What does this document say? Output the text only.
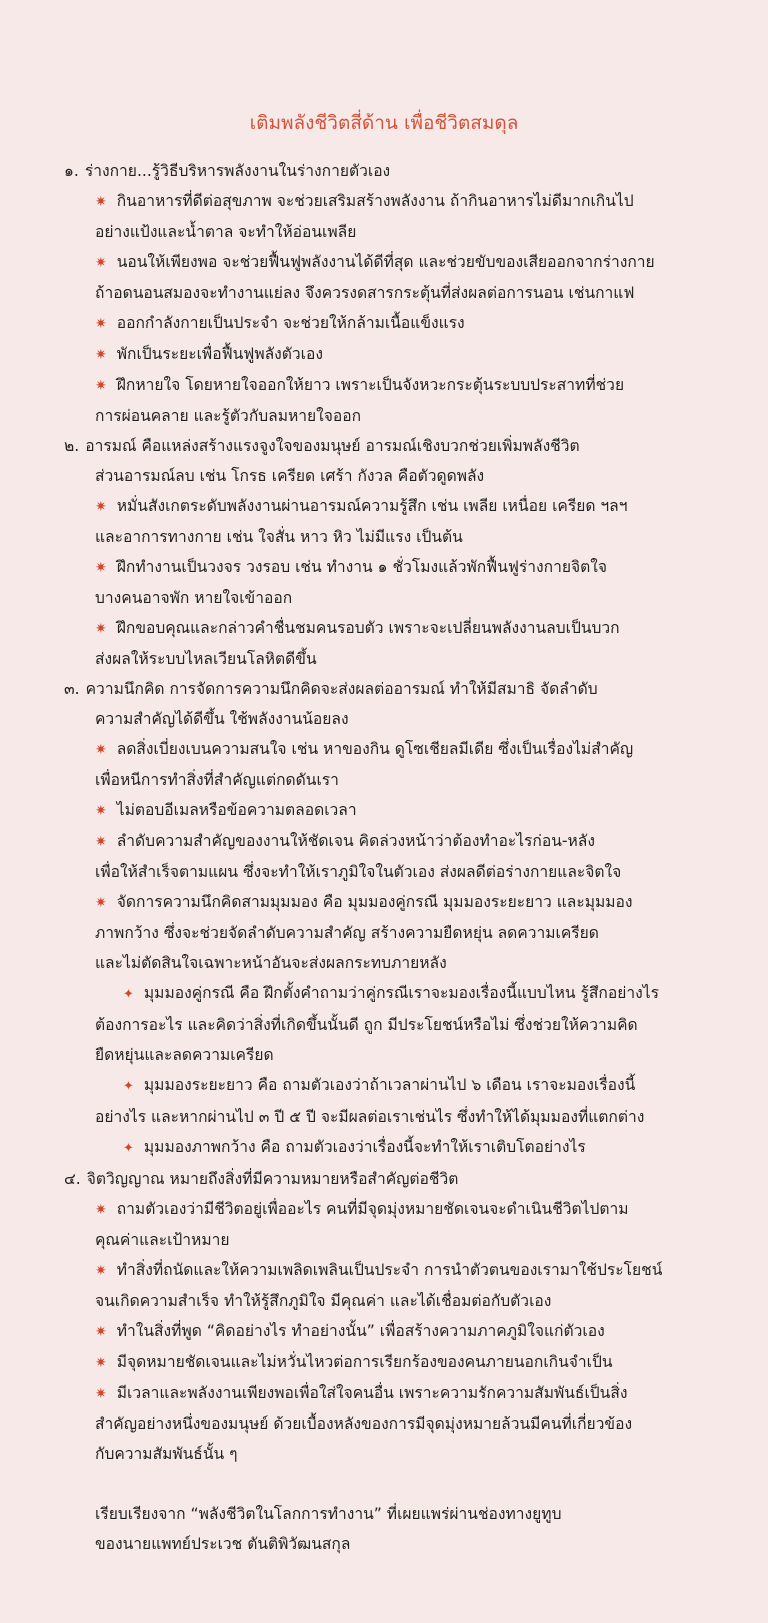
เติมพลังชีวิตสี่ด้าน เพื่อชีวิตสมดุล
๑. ร่างกาย...รู้วิธีบริหารพลังงานในร่างกายตัวเอง
✷ กินอาหารที่ดีต่อสุขภาพ จะช่วยเสริมสร้างพลังงาน ถ้ากินอาหารไม่ดีมากเกินไป
อย่างแป้งและน้ำตาล จะทำให้อ่อนเพลีย
✷ นอนให้เพียงพอ จะช่วยฟื้นฟูพลังงานได้ดีที่สุด และช่วยขับของเสียออกจากร่างกาย
ถ้าอดนอนสมองจะทำงานแย่ลง จึงควรงดสารกระตุ้นที่ส่งผลต่อการนอน เช่นกาแฟ
✷ ออกกำลังกายเป็นประจำ จะช่วยให้กล้ามเนื้อแข็งแรง
✷ พักเป็นระยะเพื่อฟื้นฟูพลังตัวเอง
✷ ฝึกหายใจ โดยหายใจออกให้ยาว เพราะเป็นจังหวะกระตุ้นระบบประสาทที่ช่วย
การผ่อนคลาย และรู้ตัวกับลมหายใจออก
๒. อารมณ์ คือแหล่งสร้างแรงจูงใจของมนุษย์ อารมณ์เชิงบวกช่วยเพิ่มพลังชีวิต
ส่วนอารมณ์ลบ เช่น โกรธ เครียด เศร้า กังวล คือตัวดูดพลัง
✷ หมั่นสังเกตระดับพลังงานผ่านอารมณ์ความรู้สึก เช่น เพลีย เหนื่อย เครียด ฯลฯ
และอาการทางกาย เช่น ใจสั่น หาว หิว ไม่มีแรง เป็นต้น
✷ ฝึกทำงานเป็นวงจร วงรอบ เช่น ทำงาน ๑ ชั่วโมงแล้วพักฟื้นฟูร่างกายจิตใจ
บางคนอาจพัก หายใจเข้าออก
✷ ฝึกขอบคุณและกล่าวคำชื่นชมคนรอบตัว เพราะจะเปลี่ยนพลังงานลบเป็นบวก
ส่งผลให้ระบบไหลเวียนโลหิตดีขึ้น
๓. ความนึกคิด การจัดการความนึกคิดจะส่งผลต่ออารมณ์ ทำให้มีสมาธิ จัดลำดับ
ความสำคัญได้ดีขึ้น ใช้พลังงานน้อยลง
✷ ลดสิ่งเบี่ยงเบนความสนใจ เช่น หาของกิน ดูโซเชียลมีเดีย ซึ่งเป็นเรื่องไม่สำคัญ
เพื่อหนีการทำสิ่งที่สำคัญแต่กดดันเรา
✷ ไม่ตอบอีเมลหรือข้อความตลอดเวลา
✷ ลำดับความสำคัญของงานให้ชัดเจน คิดล่วงหน้าว่าต้องทำอะไรก่อน-หลัง
เพื่อให้สำเร็จตามแผน ซึ่งจะทำให้เราภูมิใจในตัวเอง ส่งผลดีต่อร่างกายและจิตใจ
✷ จัดการความนึกคิดสามมุมมอง คือ มุมมองคู่กรณี มุมมองระยะยาว และมุมมอง
ภาพกว้าง ซึ่งจะช่วยจัดลำดับความสำคัญ สร้างความยืดหยุ่น ลดความเครียด
และไม่ตัดสินใจเฉพาะหน้าอันจะส่งผลกระทบภายหลัง
✦ มุมมองคู่กรณี คือ ฝึกตั้งคำถามว่าคู่กรณีเราจะมองเรื่องนี้แบบไหน รู้สึกอย่างไร
ต้องการอะไร และคิดว่าสิ่งที่เกิดขึ้นนั้นดี ถูก มีประโยชน์หรือไม่ ซึ่งช่วยให้ความคิด
ยืดหยุ่นและลดความเครียด
✦ มุมมองระยะยาว คือ ถามตัวเองว่าถ้าเวลาผ่านไป ๖ เดือน เราจะมองเรื่องนี้
อย่างไร และหากผ่านไป ๓ ปี ๕ ปี จะมีผลต่อเราเช่นไร ซึ่งทำให้ได้มุมมองที่แตกต่าง
✦ มุมมองภาพกว้าง คือ ถามตัวเองว่าเรื่องนี้จะทำให้เราเติบโตอย่างไร
๔. จิตวิญญาณ หมายถึงสิ่งที่มีความหมายหรือสำคัญต่อชีวิต
✷ ถามตัวเองว่ามีชีวิตอยู่เพื่ออะไร คนที่มีจุดมุ่งหมายชัดเจนจะดำเนินชีวิตไปตาม
คุณค่าและเป้าหมาย
✷ ทำสิ่งที่ถนัดและให้ความเพลิดเพลินเป็นประจำ การนำตัวตนของเรามาใช้ประโยชน์
จนเกิดความสำเร็จ ทำให้รู้สึกภูมิใจ มีคุณค่า และได้เชื่อมต่อกับตัวเอง
✷ ทำในสิ่งที่พูด “คิดอย่างไร ทำอย่างนั้น” เพื่อสร้างความภาคภูมิใจแก่ตัวเอง
✷ มีจุดหมายชัดเจนและไม่หวั่นไหวต่อการเรียกร้องของคนภายนอกเกินจำเป็น
✷ มีเวลาและพลังงานเพียงพอเพื่อใส่ใจคนอื่น เพราะความรักความสัมพันธ์เป็นสิ่ง
สำคัญอย่างหนึ่งของมนุษย์ ด้วยเบื้องหลังของการมีจุดมุ่งหมายล้วนมีคนที่เกี่ยวข้อง
กับความสัมพันธ์นั้น ๆ
เรียบเรียงจาก “พลังชีวิตในโลกการทำงาน” ที่เผยแพร่ผ่านช่องทางยูทูบ
ของนายแพทย์ประเวช ตันติพิวัฒนสกุล
